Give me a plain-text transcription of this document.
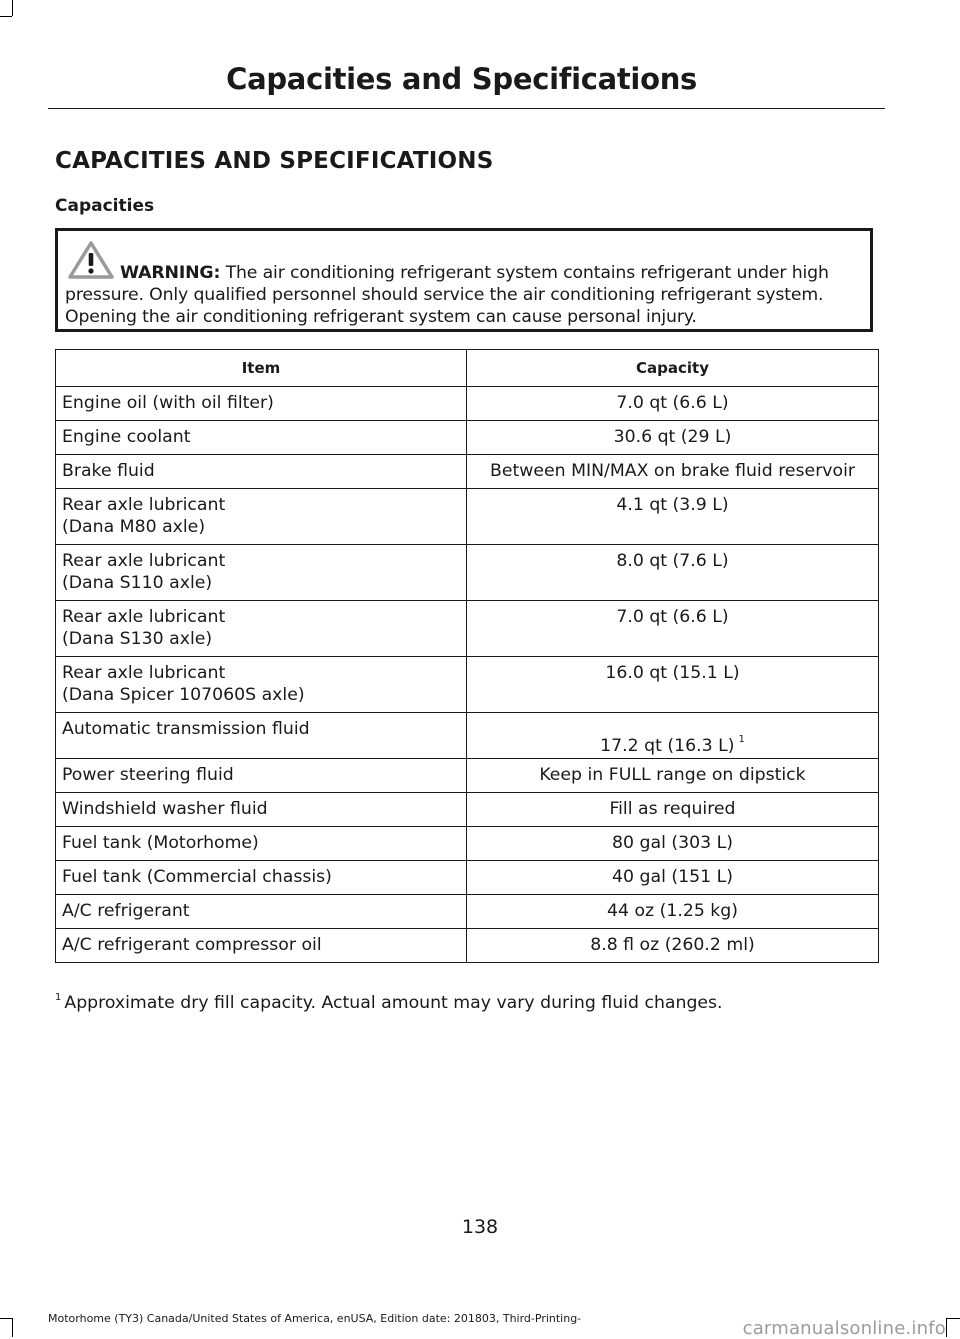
Capacities and Specifications
CAPACITIES AND SPECIFICATIONS
Capacities
WARNING: The air conditioning refrigerant system contains refrigerant under high pressure. Only qualified personnel should service the air conditioning refrigerant system. Opening the air conditioning refrigerant system can cause personal injury.
Item	Capacity

Engine oil (with oil filter)	7.0 qt (6.6 L)

Engine coolant	30.6 qt (29 L)

Brake fluid	Between MIN/MAX on brake fluid reservoir

Rear axle lubricant
(Dana M80 axle)	4.1 qt (3.9 L)

Rear axle lubricant
(Dana S110 axle)	8.0 qt (7.6 L)

Rear axle lubricant
(Dana S130 axle)	7.0 qt (6.6 L)

Rear axle lubricant
(Dana Spicer 107060S axle)	16.0 qt (15.1 L)

Automatic transmission fluid	17.2 qt (16.3 L) $^1$

Power steering fluid	Keep in FULL range on dipstick

Windshield washer fluid	Fill as required

Fuel tank (Motorhome)	80 gal (303 L)

Fuel tank (Commercial chassis)	40 gal (151 L)

A/C refrigerant	44 oz (1.25 kg)

A/C refrigerant compressor oil	8.8 fl oz (260.2 ml)
$^1$ Approximate dry fill capacity. Actual amount may vary during fluid changes.
138
Motorhome (TY3) Canada/United States of America, enUSA, Edition date: 201803, Third-Printing-	carmanualsonline.info
